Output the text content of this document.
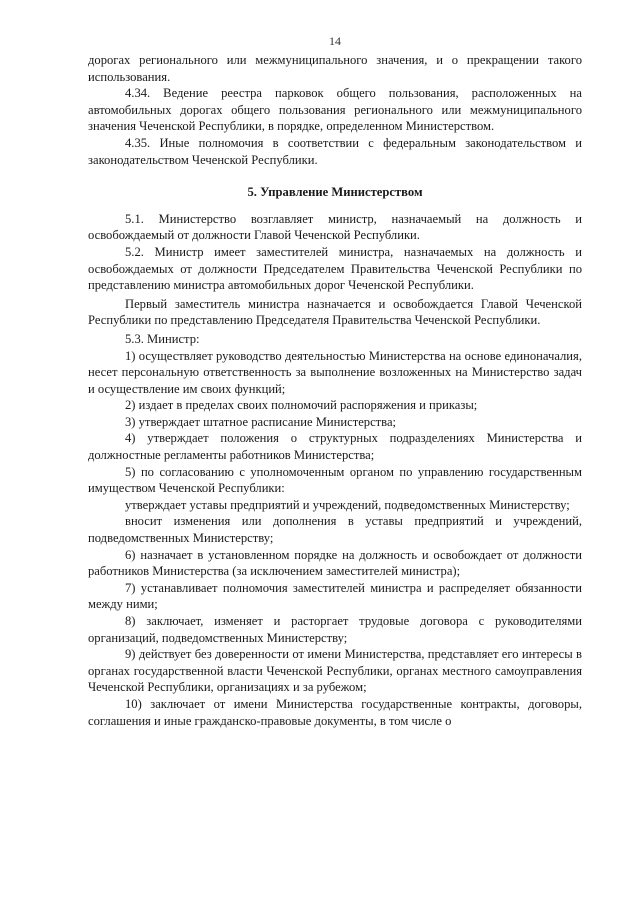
14

дорогах регионального или межмуниципального значения, и о прекращении такого использования.

4.34. Ведение реестра парковок общего пользования, расположенных на автомобильных дорогах общего пользования регионального или межмуниципального значения Чеченской Республики, в порядке, определенном Министерством.

4.35. Иные полномочия в соответствии с федеральным законодательством и законодательством Чеченской Республики.

5. Управление Министерством

5.1. Министерство возглавляет министр, назначаемый на должность и освобождаемый от должности Главой Чеченской Республики.

5.2. Министр имеет заместителей министра, назначаемых на должность и освобождаемых от должности Председателем Правительства Чеченской Республики по представлению министра автомобильных дорог Чеченской Республики.

Первый заместитель министра назначается и освобождается Главой Чеченской Республики по представлению Председателя Правительства Чеченской Республики.

5.3. Министр:

1) осуществляет руководство деятельностью Министерства на основе единоначалия, несет персональную ответственность за выполнение возложенных на Министерство задач и осуществление им своих функций;

2) издает в пределах своих полномочий распоряжения и приказы;

3) утверждает штатное расписание Министерства;

4) утверждает положения о структурных подразделениях Министерства и должностные регламенты работников Министерства;

5) по согласованию с уполномоченным органом по управлению государственным имуществом Чеченской Республики:

утверждает уставы предприятий и учреждений, подведомственных Министерству;

вносит изменения или дополнения в уставы предприятий и учреждений, подведомственных Министерству;

6) назначает в установленном порядке на должность и освобождает от должности работников Министерства (за исключением заместителей министра);

7) устанавливает полномочия заместителей министра и распределяет обязанности между ними;

8) заключает, изменяет и расторгает трудовые договора с руководителями организаций, подведомственных Министерству;

9) действует без доверенности от имени Министерства, представляет его интересы в органах государственной власти Чеченской Республики, органах местного самоуправления Чеченской Республики, организациях и за рубежом;

10) заключает от имени Министерства государственные контракты, договоры, соглашения и иные гражданско-правовые документы, в том числе о
